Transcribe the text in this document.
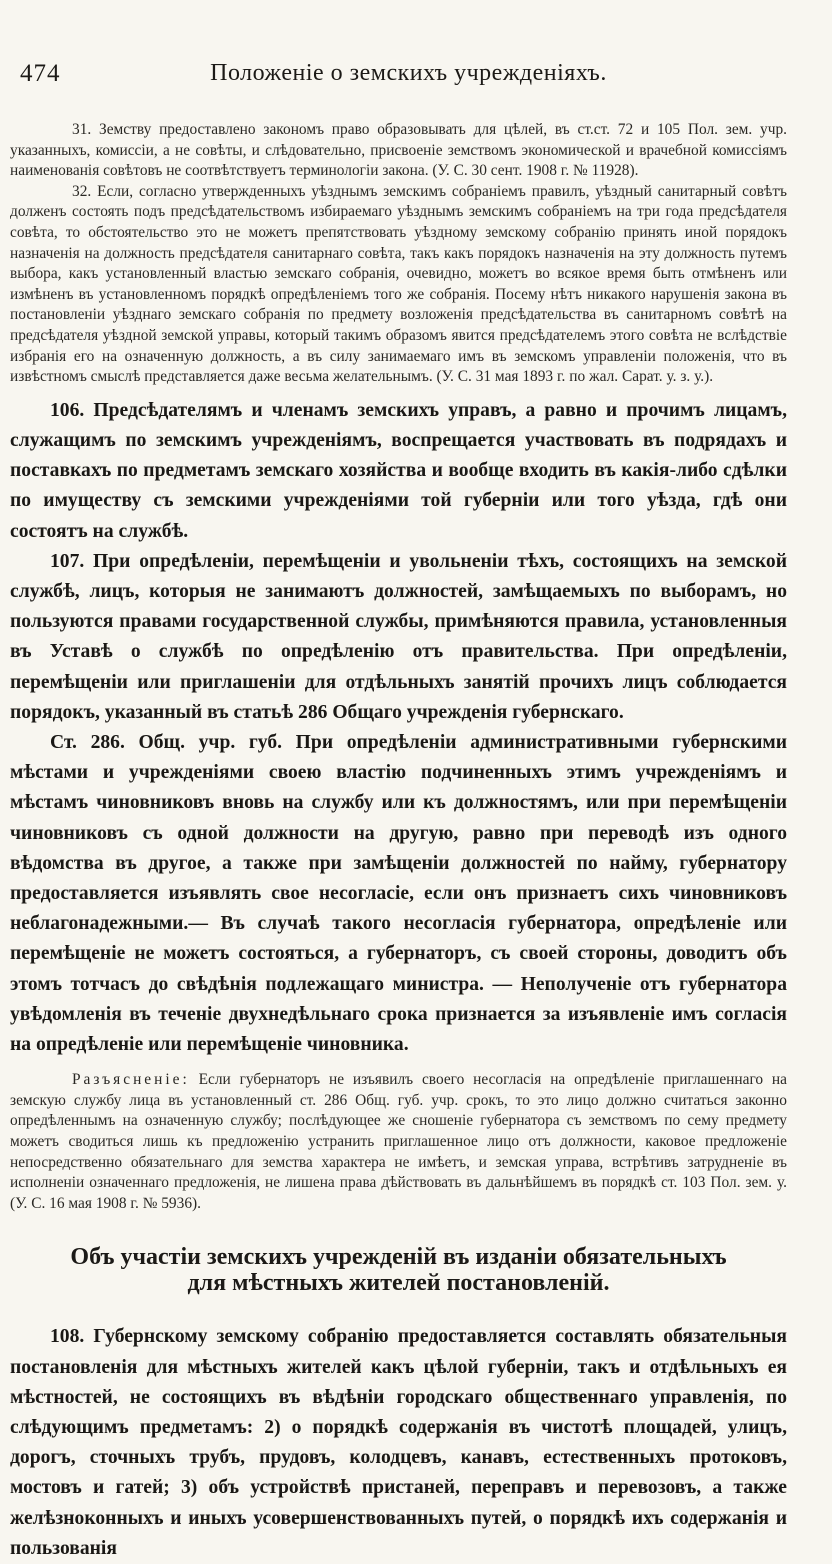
474	Положеніе о земскихъ учрежденіяхъ.

31. Земству предоставлено закономъ право образовывать для цѣлей, въ ст.ст. 72 и 105 Пол. зем. учр. указанныхъ, комиссіи, а не совѣты, и слѣдовательно, присвоеніе земствомъ экономической и врачебной комиссіямъ наименованія совѣтовъ не соотвѣтствуетъ терминологіи закона. (У. С. 30 сент. 1908 г. № 11928).

32. Если, согласно утвержденныхъ уѣзднымъ земскимъ собраніемъ правилъ, уѣздный санитарный совѣтъ долженъ состоять подъ предсѣдательствомъ избираемаго уѣзднымъ земскимъ собраніемъ на три года предсѣдателя совѣта, то обстоятельство это не можетъ препятствовать уѣздному земскому собранію принять иной порядокъ назначенія на должность предсѣдателя санитарнаго совѣта, такъ какъ порядокъ назначенія на эту должность путемъ выбора, какъ установленный властью земскаго собранія, очевидно, можетъ во всякое время быть отмѣненъ или измѣненъ въ установленномъ порядкѣ опредѣленіемъ того же собранія. Посему нѣтъ никакого нарушенія закона въ постановленіи уѣзднаго земскаго собранія по предмету возложенія предсѣдательства въ санитарномъ совѣтѣ на предсѣдателя уѣздной земской управы, который такимъ образомъ явится предсѣдателемъ этого совѣта не вслѣдствіе избранія его на означенную должность, а въ силу занимаемаго имъ въ земскомъ управленіи положенія, что въ извѣстномъ смыслѣ представляется даже весьма желательнымъ. (У. С. 31 мая 1893 г. по жал. Сарат. у. з. у.).

106. Предсѣдателямъ и членамъ земскихъ управъ, а равно и прочимъ лицамъ, служащимъ по земскимъ учрежденіямъ, воспрещается участвовать въ подрядахъ и поставкахъ по предметамъ земскаго хозяйства и вообще входить въ какія-либо сдѣлки по имуществу съ земскими учрежденіями той губерніи или того уѣзда, гдѣ они состоятъ на службѣ.

107. При опредѣленіи, перемѣщеніи и увольненіи тѣхъ, состоящихъ на земской службѣ, лицъ, которыя не занимаютъ должностей, замѣщаемыхъ по выборамъ, но пользуются правами государственной службы, примѣняются правила, установленныя въ Уставѣ о службѣ по опредѣленію отъ правительства. При опредѣленіи, перемѣщеніи или приглашеніи для отдѣльныхъ занятій прочихъ лицъ соблюдается порядокъ, указанный въ статьѣ 286 Общаго учрежденія губернскаго.

Ст. 286. Общ. учр. губ. При опредѣленіи административными губернскими мѣстами и учрежденіями своею властію подчиненныхъ этимъ учрежденіямъ и мѣстамъ чиновниковъ вновь на службу или къ должностямъ, или при перемѣщеніи чиновниковъ съ одной должности на другую, равно при переводѣ изъ одного вѣдомства въ другое, а также при замѣщеніи должностей по найму, губернатору предоставляется изъявлять свое несогласіе, если онъ признаетъ сихъ чиновниковъ неблагонадежными.— Въ случаѣ такого несогласія губернатора, опредѣленіе или перемѣщеніе не можетъ состояться, а губернаторъ, съ своей стороны, доводитъ объ этомъ тотчасъ до свѣдѣнія подлежащаго министра. — Неполученіе отъ губернатора увѣдомленія въ теченіе двухнедѣльнаго срока признается за изъявленіе имъ согласія на опредѣленіе или перемѣщеніе чиновника.

Разъясненіе: Если губернаторъ не изъявилъ своего несогласія на опредѣленіе приглашеннаго на земскую службу лица въ установленный ст. 286 Общ. губ. учр. срокъ, то это лицо должно считаться законно опредѣленнымъ на означенную службу; послѣдующее же сношеніе губернатора съ земствомъ по сему предмету можетъ сводиться лишь къ предложенію устранить приглашенное лицо отъ должности, каковое предложеніе непосредственно обязательнаго для земства характера не имѣетъ, и земская управа, встрѣтивъ затрудненіе въ исполненіи означеннаго предложенія, не лишена права дѣйствовать въ дальнѣйшемъ въ порядкѣ ст. 103 Пол. зем. у. (У. С. 16 мая 1908 г. № 5936).

Объ участіи земскихъ учрежденій въ изданіи обязательныхъ
для мѣстныхъ жителей постановленій.

108. Губернскому земскому собранію предоставляется составлять обязательныя постановленія для мѣстныхъ жителей какъ цѣлой губерніи, такъ и отдѣльныхъ ея мѣстностей, не состоящихъ въ вѣдѣніи городскаго общественнаго управленія, по слѣдующимъ предметамъ: 2) о порядкѣ содержанія въ чистотѣ площадей, улицъ, дорогъ, сточныхъ трубъ, прудовъ, колодцевъ, канавъ, естественныхъ протоковъ, мостовъ и гатей; 3) объ устройствѣ пристаней, переправъ и перевозовъ, а также желѣзноконныхъ и иныхъ усовершенствованныхъ путей, о порядкѣ ихъ содержанія и пользованія
